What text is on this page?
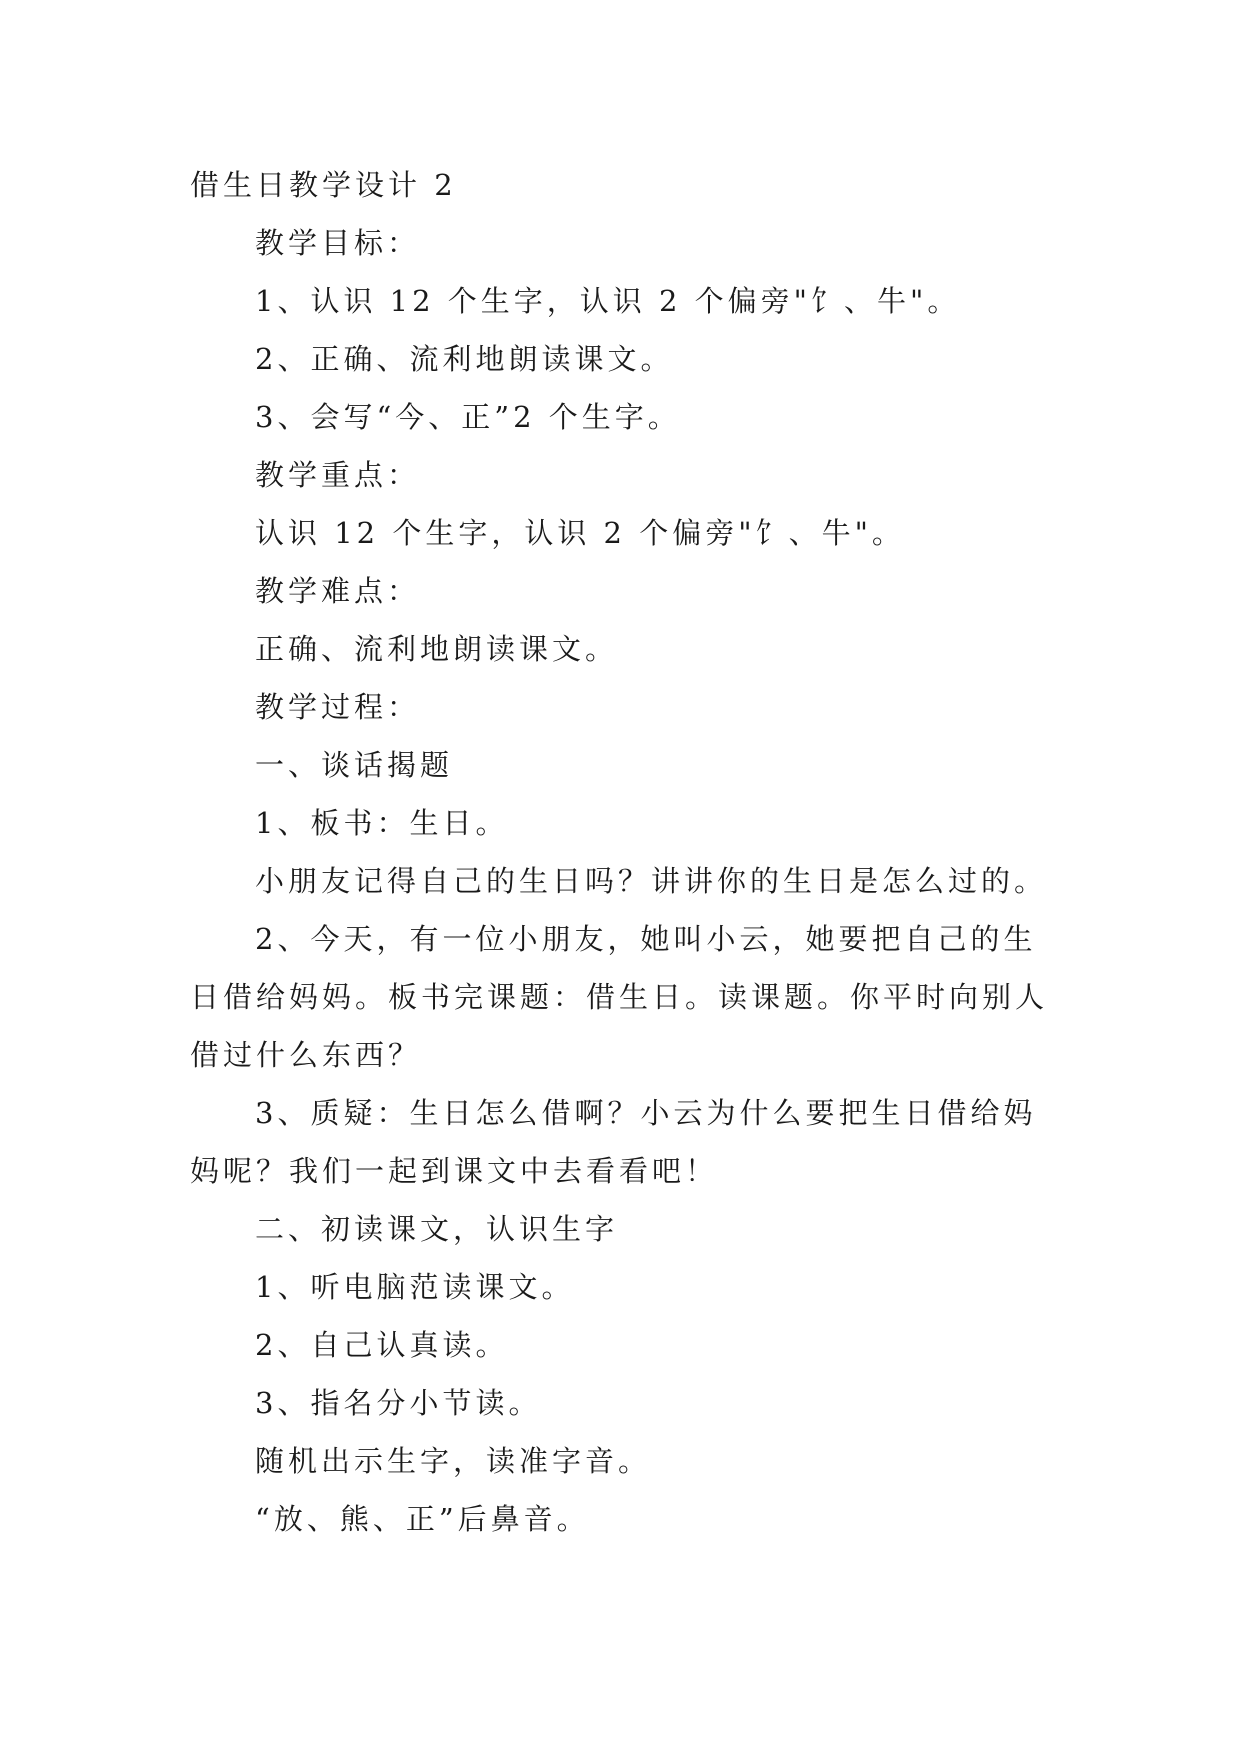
借生日教学设计 2
教学目标：
1、认识 12 个生字，认识 2 个偏旁"饣、牛"。
2、正确、流利地朗读课文。
3、会写“今、正”2 个生字。
教学重点：
认识 12 个生字，认识 2 个偏旁"饣、牛"。
教学难点：
正确、流利地朗读课文。
教学过程：
一、谈话揭题
1、板书：生日。
小朋友记得自己的生日吗？讲讲你的生日是怎么过的。
2、今天，有一位小朋友，她叫小云，她要把自己的生
日借给妈妈。板书完课题：借生日。读课题。你平时向别人
借过什么东西？
3、质疑：生日怎么借啊？小云为什么要把生日借给妈
妈呢？我们一起到课文中去看看吧！
二、初读课文，认识生字
1、听电脑范读课文。
2、自己认真读。
3、指名分小节读。
随机出示生字，读准字音。
“放、熊、正”后鼻音。
